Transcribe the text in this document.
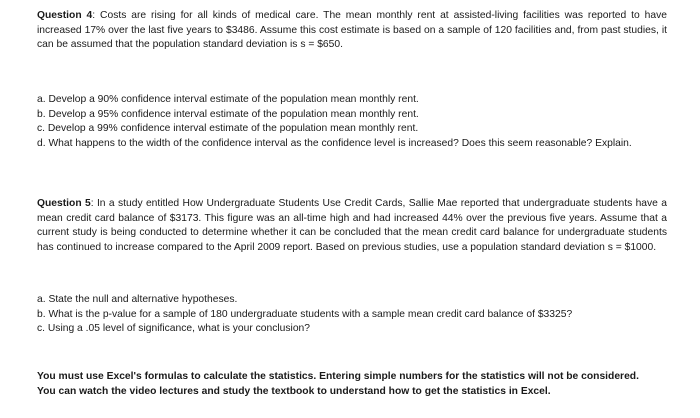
Question 4: Costs are rising for all kinds of medical care. The mean monthly rent at assisted-living facilities was reported to have increased 17% over the last five years to $3486. Assume this cost estimate is based on a sample of 120 facilities and, from past studies, it can be assumed that the population standard deviation is s = $650.

a. Develop a 90% confidence interval estimate of the population mean monthly rent.

b. Develop a 95% confidence interval estimate of the population mean monthly rent.

c. Develop a 99% confidence interval estimate of the population mean monthly rent.

d. What happens to the width of the confidence interval as the confidence level is increased? Does this seem reasonable? Explain.

Question 5: In a study entitled How Undergraduate Students Use Credit Cards, Sallie Mae reported that undergraduate students have a mean credit card balance of $3173. This figure was an all-time high and had increased 44% over the previous five years. Assume that a current study is being conducted to determine whether it can be concluded that the mean credit card balance for undergraduate students has continued to increase compared to the April 2009 report. Based on previous studies, use a population standard deviation s = $1000.

a. State the null and alternative hypotheses.

b. What is the p-value for a sample of 180 undergraduate students with a sample mean credit card balance of $3325?

c. Using a .05 level of significance, what is your conclusion?

You must use Excel's formulas to calculate the statistics. Entering simple numbers for the statistics will not be considered.

You can watch the video lectures and study the textbook to understand how to get the statistics in Excel.
